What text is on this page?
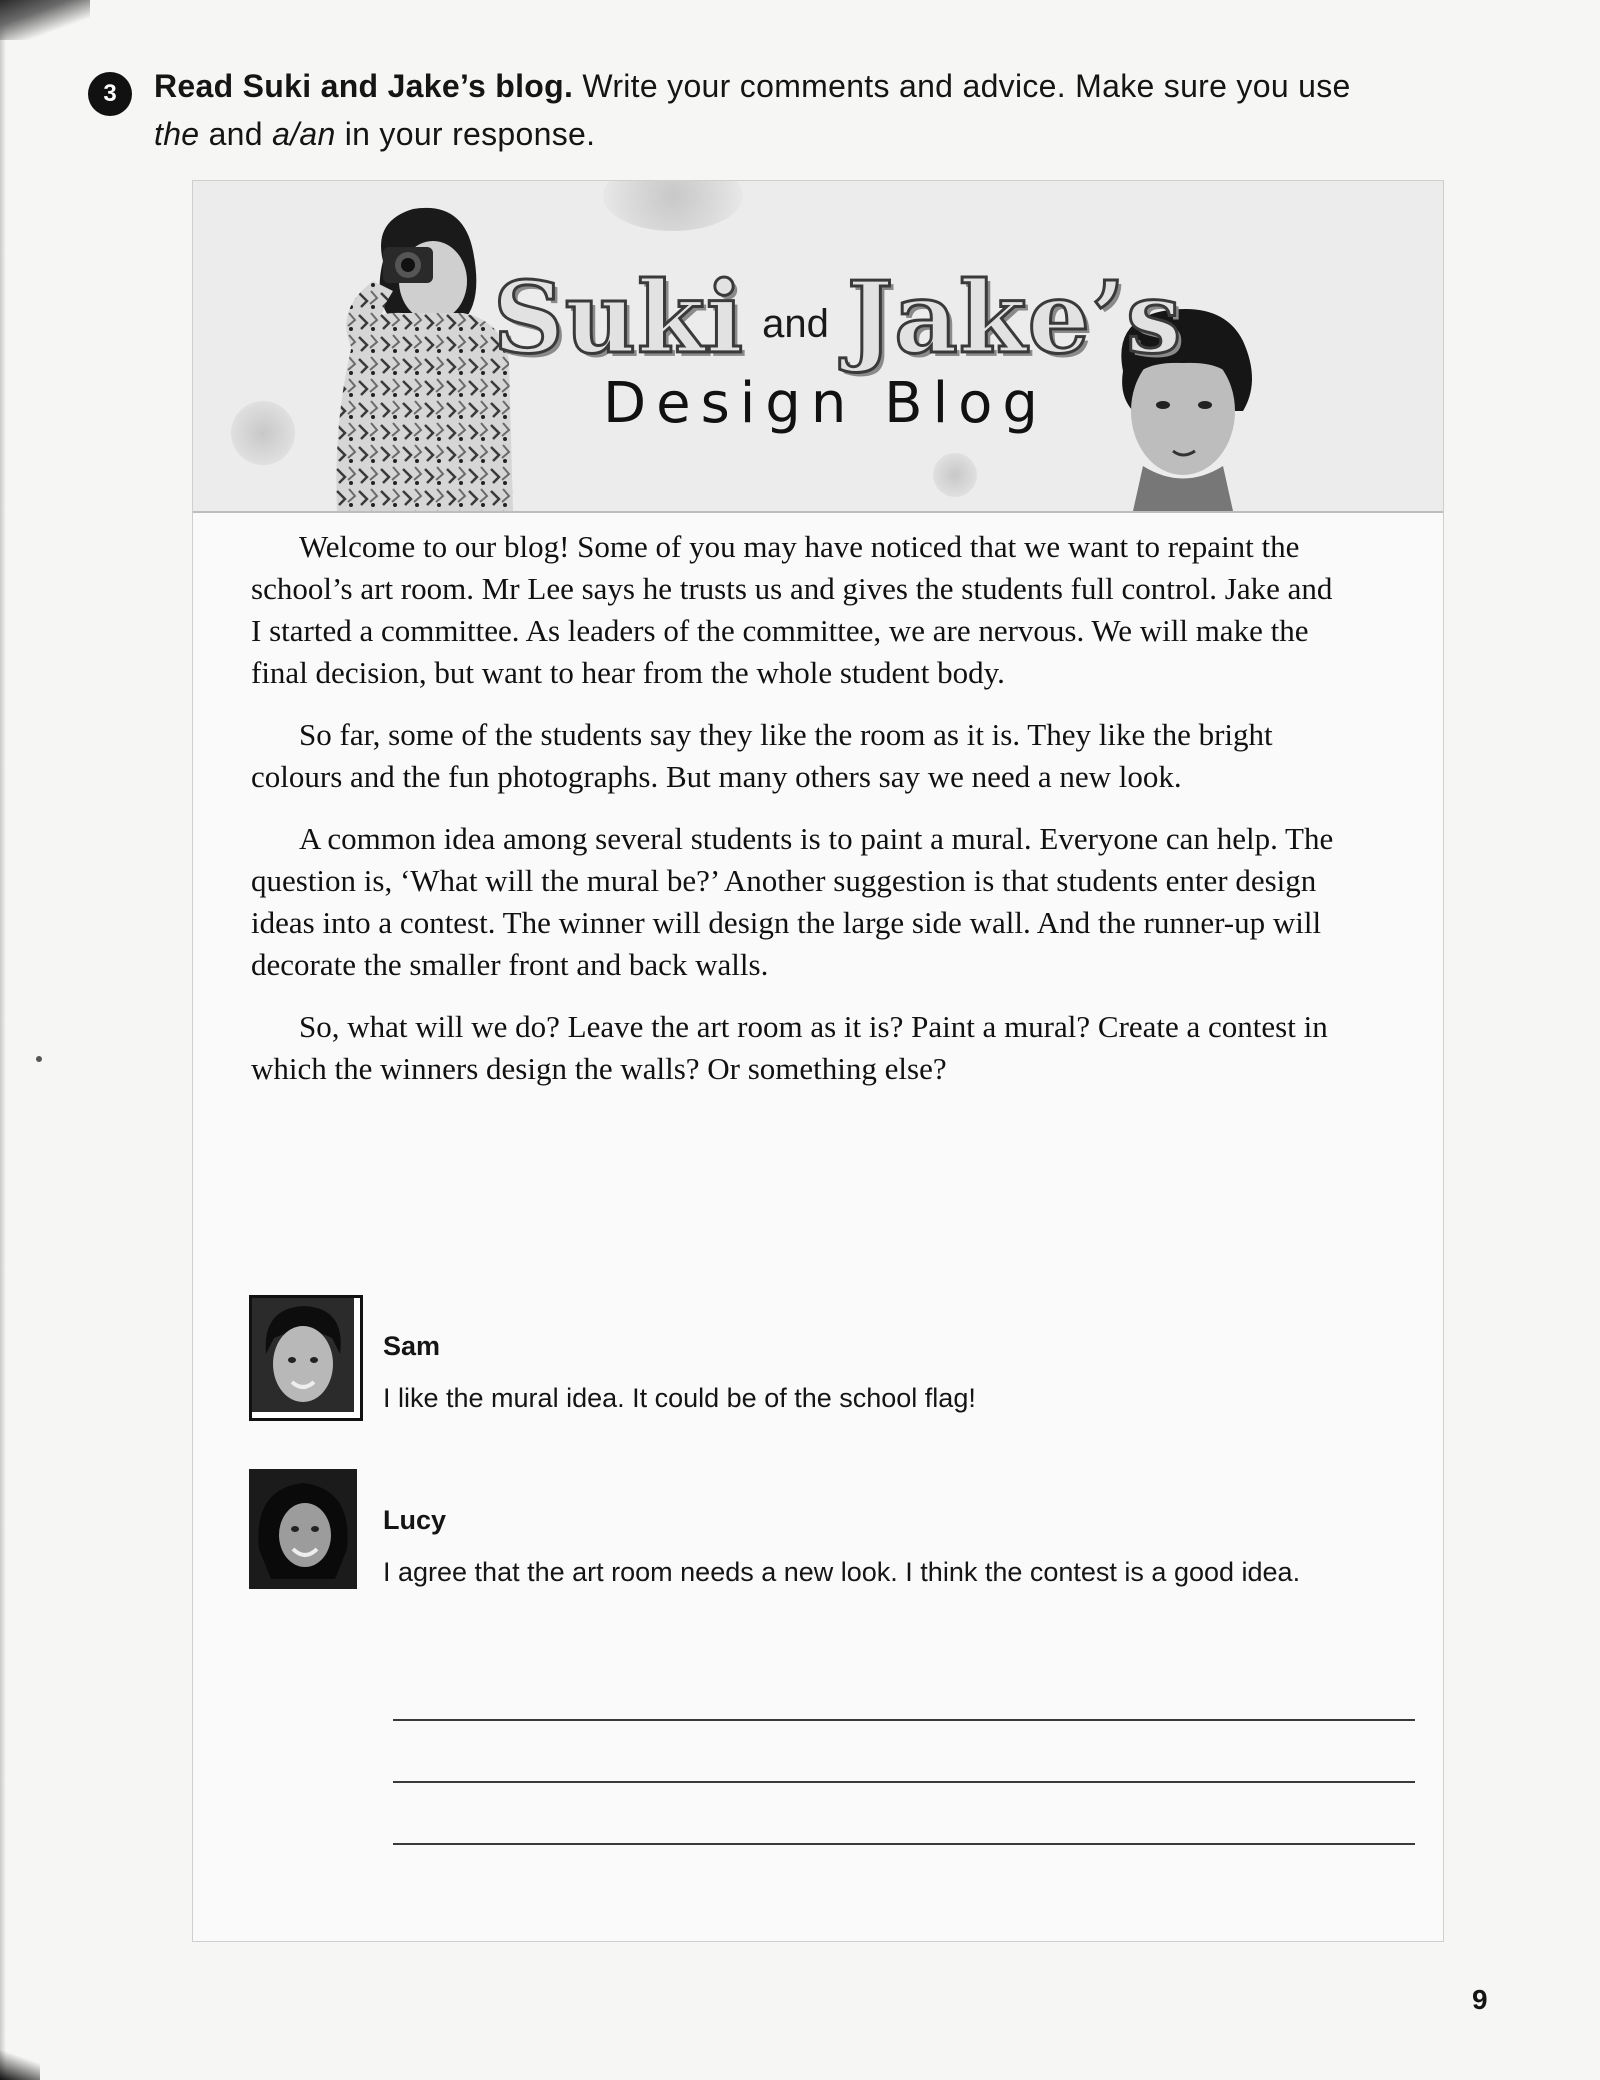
3	Read Suki and Jake’s blog. Write your comments and advice. Make sure you use the and a/an in your response.
Suki and Jake’s
Design Blog

Welcome to our blog! Some of you may have noticed that we want to repaint the school’s art room. Mr Lee says he trusts us and gives the students full control. Jake and I started a committee. As leaders of the committee, we are nervous. We will make the final decision, but want to hear from the whole student body.

So far, some of the students say they like the room as it is. They like the bright colours and the fun photographs. But many others say we need a new look.

A common idea among several students is to paint a mural. Everyone can help. The question is, ‘What will the mural be?’ Another suggestion is that students enter design ideas into a contest. The winner will design the large side wall. And the runner-up will decorate the smaller front and back walls.

So, what will we do? Leave the art room as it is? Paint a mural? Create a contest in which the winners design the walls? Or something else?

Sam
I like the mural idea. It could be of the school flag!
Lucy
I agree that the art room needs a new look. I think the contest is a good idea.
9
